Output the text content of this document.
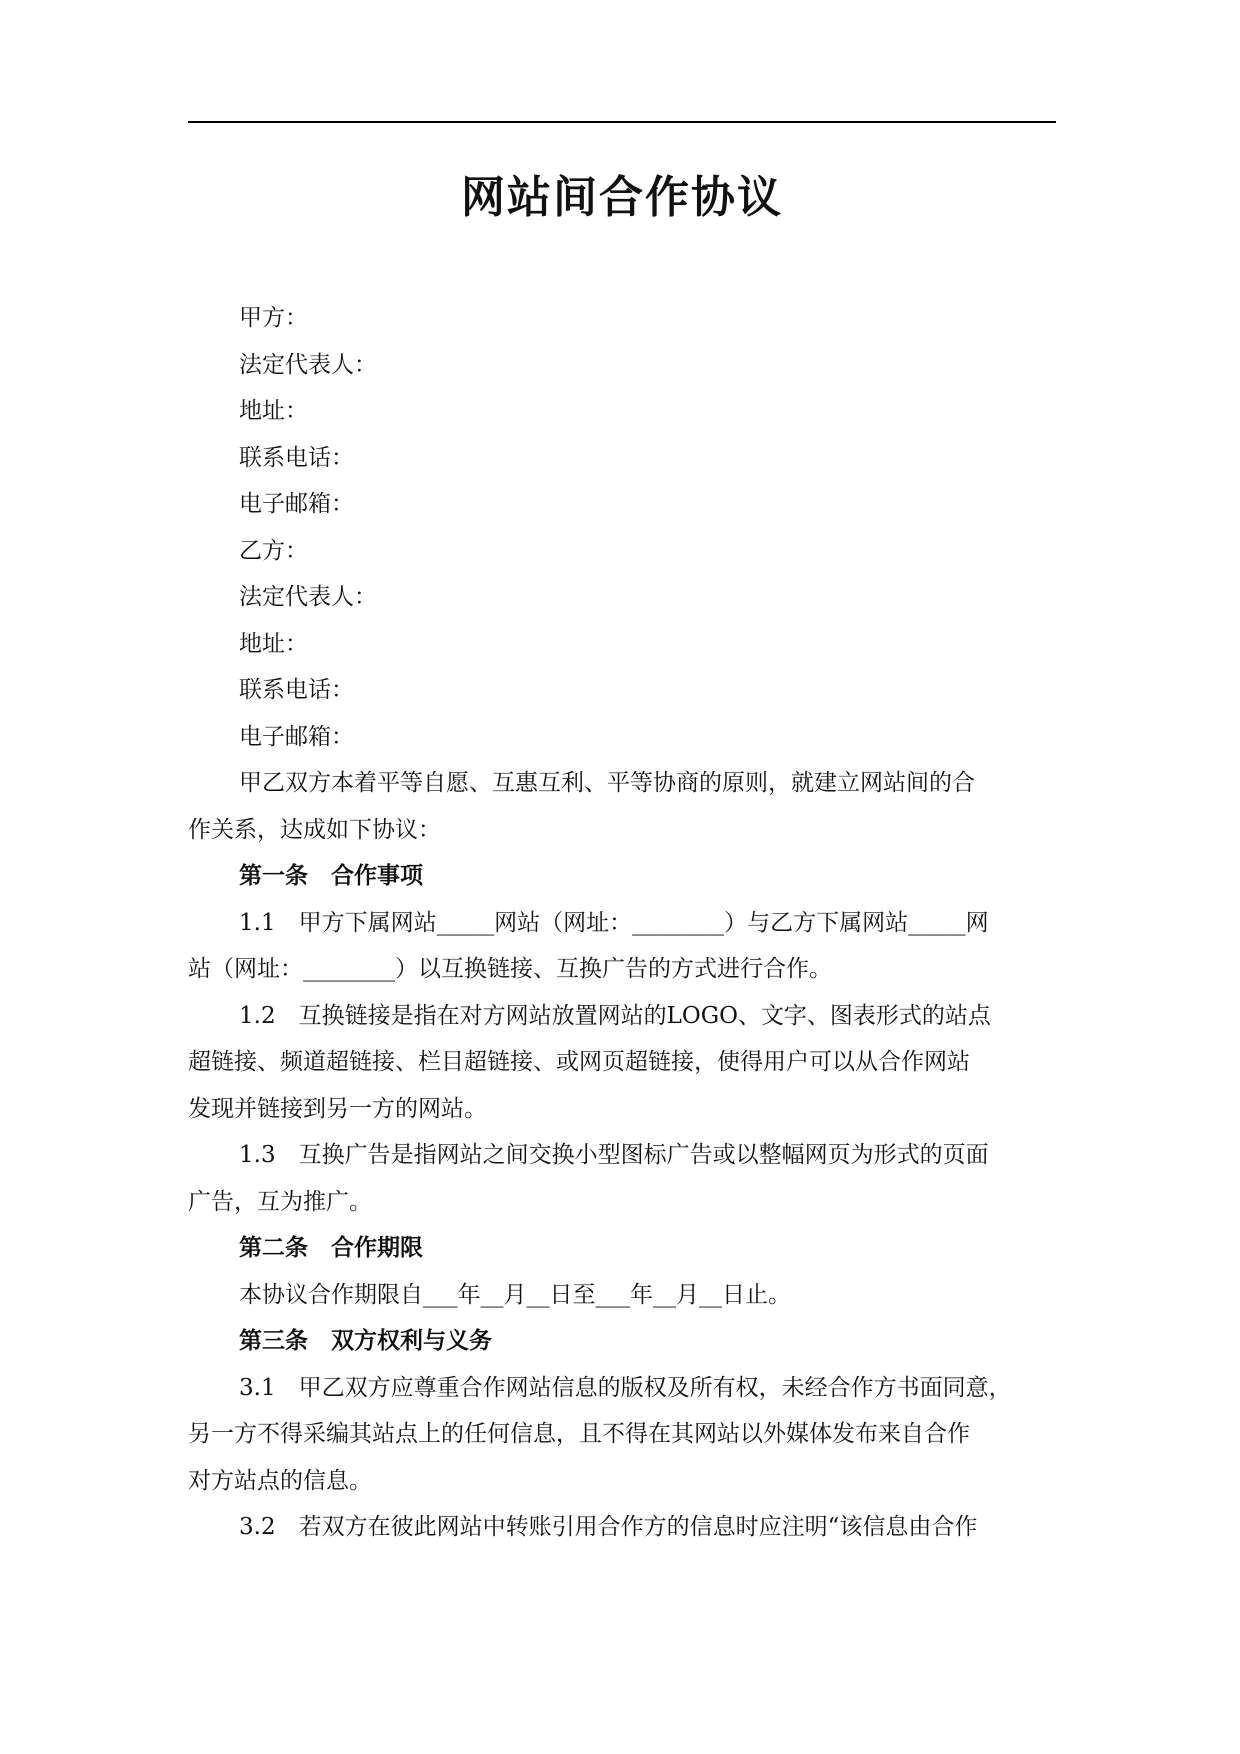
网站间合作协议
甲方：
法定代表人：
地址：
联系电话：
电子邮箱：
乙方：
法定代表人：
地址：
联系电话：
电子邮箱：
甲乙双方本着平等自愿、互惠互利、平等协商的原则，就建立网站间的合
作关系，达成如下协议：
第一条　合作事项
1.1　甲方下属网站_____网站（网址：________）与乙方下属网站_____网
站（网址：________）以互换链接、互换广告的方式进行合作。
1.2　互换链接是指在对方网站放置网站的LOGO、文字、图表形式的站点
超链接、频道超链接、栏目超链接、或网页超链接，使得用户可以从合作网站
发现并链接到另一方的网站。
1.3　互换广告是指网站之间交换小型图标广告或以整幅网页为形式的页面
广告，互为推广。
第二条　合作期限
本协议合作期限自___年__月__日至___年__月__日止。
第三条　双方权利与义务
3.1　甲乙双方应尊重合作网站信息的版权及所有权，未经合作方书面同意，
另一方不得采编其站点上的任何信息，且不得在其网站以外媒体发布来自合作
对方站点的信息。
3.2　若双方在彼此网站中转账引用合作方的信息时应注明“该信息由合作
